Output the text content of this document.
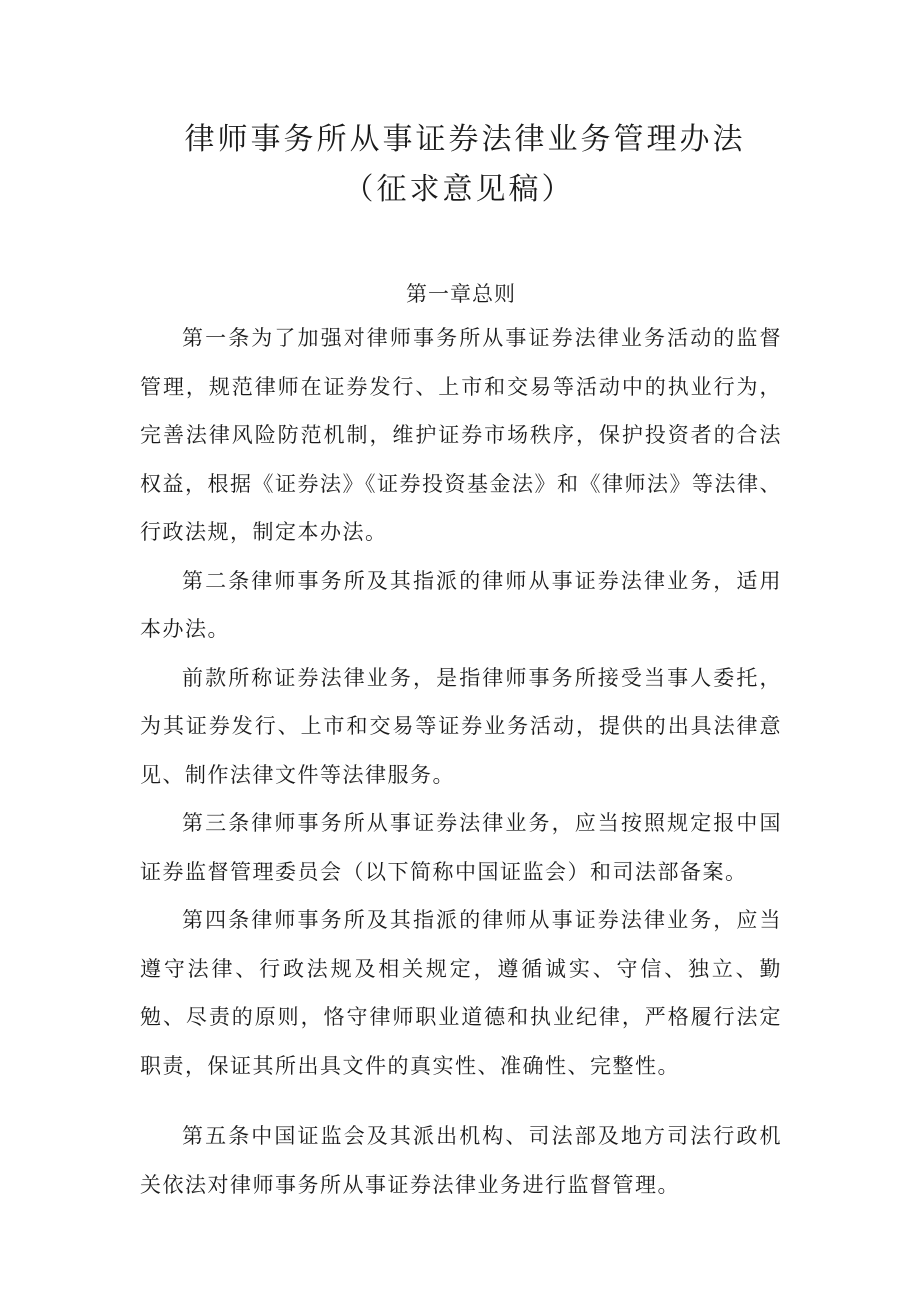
律师事务所从事证券法律业务管理办法
（征求意见稿）
第一章总则

第一条为了加强对律师事务所从事证券法律业务活动的监督管理，规范律师在证券发行、上市和交易等活动中的执业行为，完善法律风险防范机制，维护证券市场秩序，保护投资者的合法权益，根据《证券法》《证券投资基金法》和《律师法》等法律、行政法规，制定本办法。

第二条律师事务所及其指派的律师从事证券法律业务，适用本办法。

前款所称证券法律业务，是指律师事务所接受当事人委托，为其证券发行、上市和交易等证券业务活动，提供的出具法律意见、制作法律文件等法律服务。

第三条律师事务所从事证券法律业务，应当按照规定报中国证券监督管理委员会（以下简称中国证监会）和司法部备案。

第四条律师事务所及其指派的律师从事证券法律业务，应当遵守法律、行政法规及相关规定，遵循诚实、守信、独立、勤勉、尽责的原则，恪守律师职业道德和执业纪律，严格履行法定职责，保证其所出具文件的真实性、准确性、完整性。

第五条中国证监会及其派出机构、司法部及地方司法行政机关依法对律师事务所从事证券法律业务进行监督管理。
